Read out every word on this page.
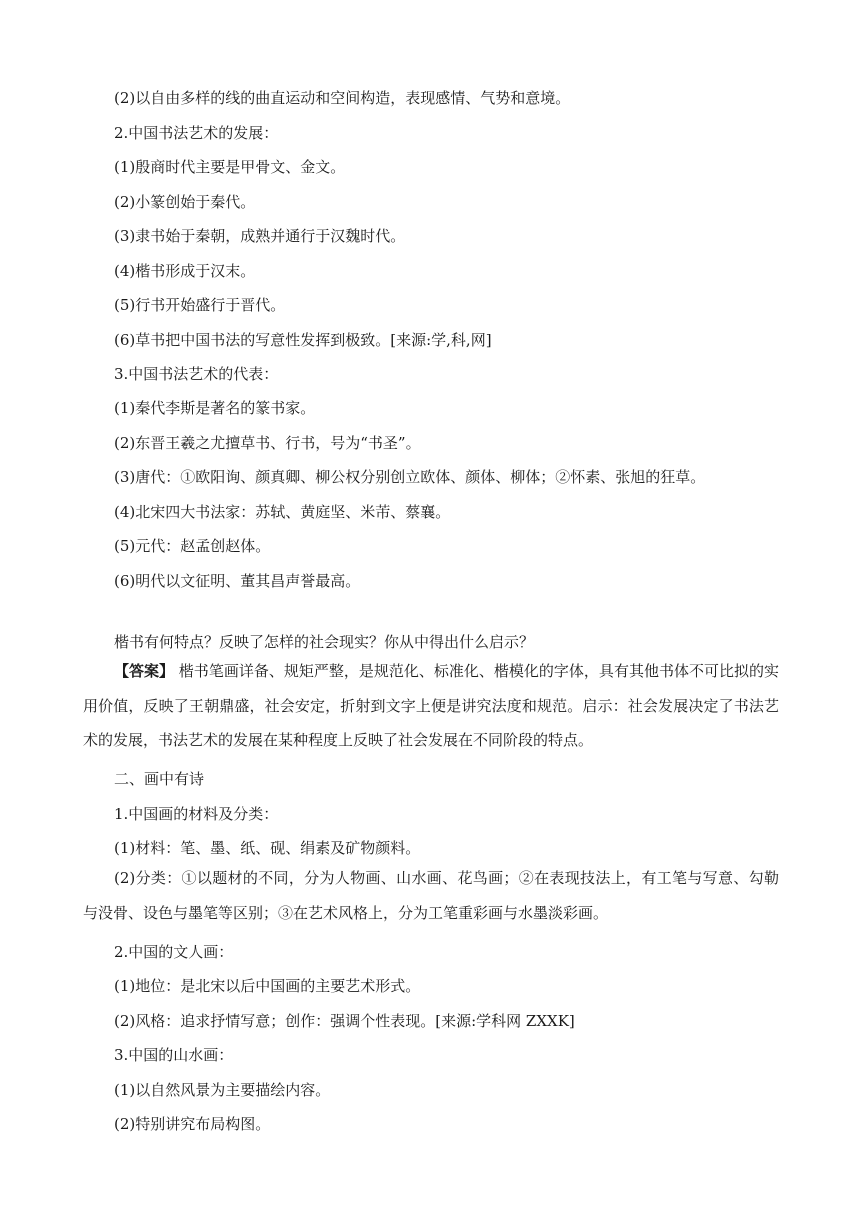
(2)以自由多样的线的曲直运动和空间构造，表现感情、气势和意境。
2.中国书法艺术的发展：
(1)殷商时代主要是甲骨文、金文。
(2)小篆创始于秦代。
(3)隶书始于秦朝，成熟并通行于汉魏时代。
(4)楷书形成于汉末。
(5)行书开始盛行于晋代。
(6)草书把中国书法的写意性发挥到极致。[来源:学,科,网]
3.中国书法艺术的代表：
(1)秦代李斯是著名的篆书家。
(2)东晋王羲之尤擅草书、行书，号为“书圣”。
(3)唐代：①欧阳询、颜真卿、柳公权分别创立欧体、颜体、柳体；②怀素、张旭的狂草。
(4)北宋四大书法家：苏轼、黄庭坚、米芾、蔡襄。
(5)元代：赵孟创赵体。
(6)明代以文征明、董其昌声誉最高。
楷书有何特点？反映了怎样的社会现实？你从中得出什么启示？
【答案】 楷书笔画详备、规矩严整，是规范化、标准化、楷模化的字体，具有其他书体不可比拟的实用价值，反映了王朝鼎盛，社会安定，折射到文字上便是讲究法度和规范。启示：社会发展决定了书法艺术的发展，书法艺术的发展在某种程度上反映了社会发展在不同阶段的特点。
二、画中有诗
1.中国画的材料及分类：
(1)材料：笔、墨、纸、砚、绢素及矿物颜料。
(2)分类：①以题材的不同，分为人物画、山水画、花鸟画；②在表现技法上，有工笔与写意、勾勒与没骨、设色与墨笔等区别；③在艺术风格上，分为工笔重彩画与水墨淡彩画。
2.中国的文人画：
(1)地位：是北宋以后中国画的主要艺术形式。
(2)风格：追求抒情写意；创作：强调个性表现。[来源:学科网 ZXXK]
3.中国的山水画：
(1)以自然风景为主要描绘内容。
(2)特别讲究布局构图。
